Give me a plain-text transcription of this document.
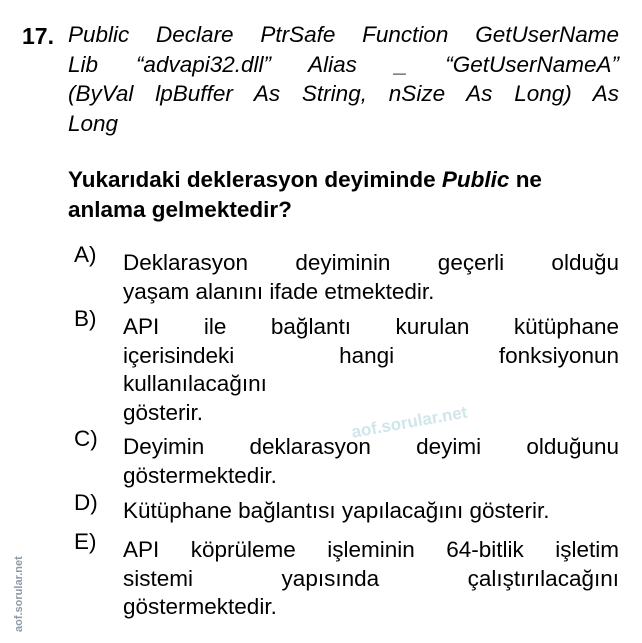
17. Public Declare PtrSafe Function GetUserName
Lib “advapi32.dll” Alias _ “GetUserNameA”
(ByVal lpBuffer As String, nSize As Long) As
Long
Yukarıdaki deklerasyon deyiminde Public ne
anlama gelmektedir?
A)	Deklarasyon deyiminin geçerli olduğu
yaşam alanını ifade etmektedir.
B)	API ile bağlantı kurulan kütüphane
içerisindeki hangi fonksiyonun
kullanılacağını
gösterir.
C)	Deyimin deklarasyon deyimi olduğunu
göstermektedir.
D)	Kütüphane bağlantısı yapılacağını gösterir.
E)	API köprüleme işleminin 64-bitlik işletim
sistemi yapısında çalıştırılacağını
göstermektedir.
aof.sorular.net
aof.sorular.net
